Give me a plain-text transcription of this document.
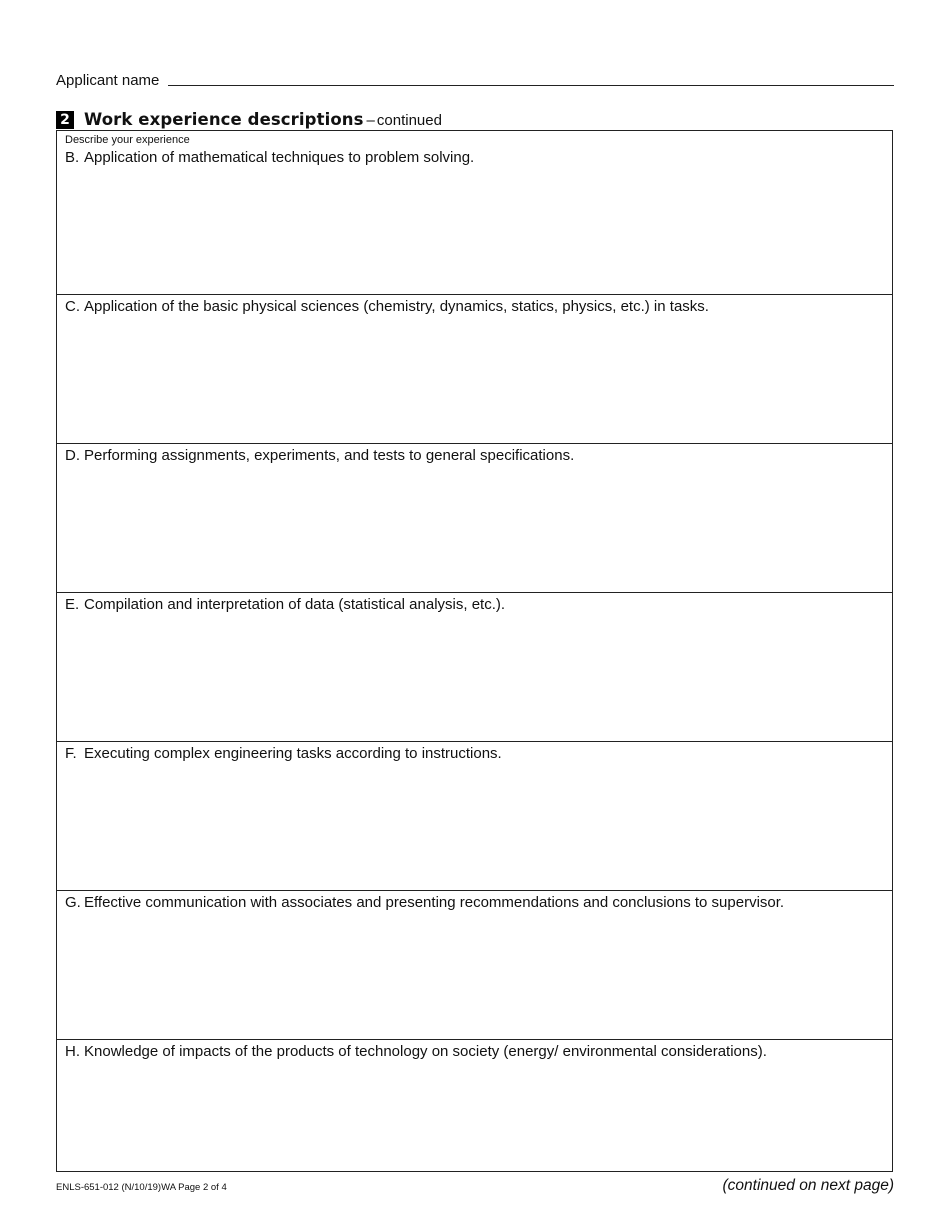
Applicant name
2 Work experience descriptions – continued
Describe your experience
B. Application of mathematical techniques to problem solving.
C. Application of the basic physical sciences (chemistry, dynamics, statics, physics, etc.) in tasks.
D. Performing assignments, experiments, and tests to general specifications.
E. Compilation and interpretation of data (statistical analysis, etc.).
F. Executing complex engineering tasks according to instructions.
G. Effective communication with associates and presenting recommendations and conclusions to supervisor.
H. Knowledge of impacts of the products of technology on society (energy/ environmental considerations).
ENLS-651-012 (N/10/19)WA Page 2 of 4	(continued on next page)
